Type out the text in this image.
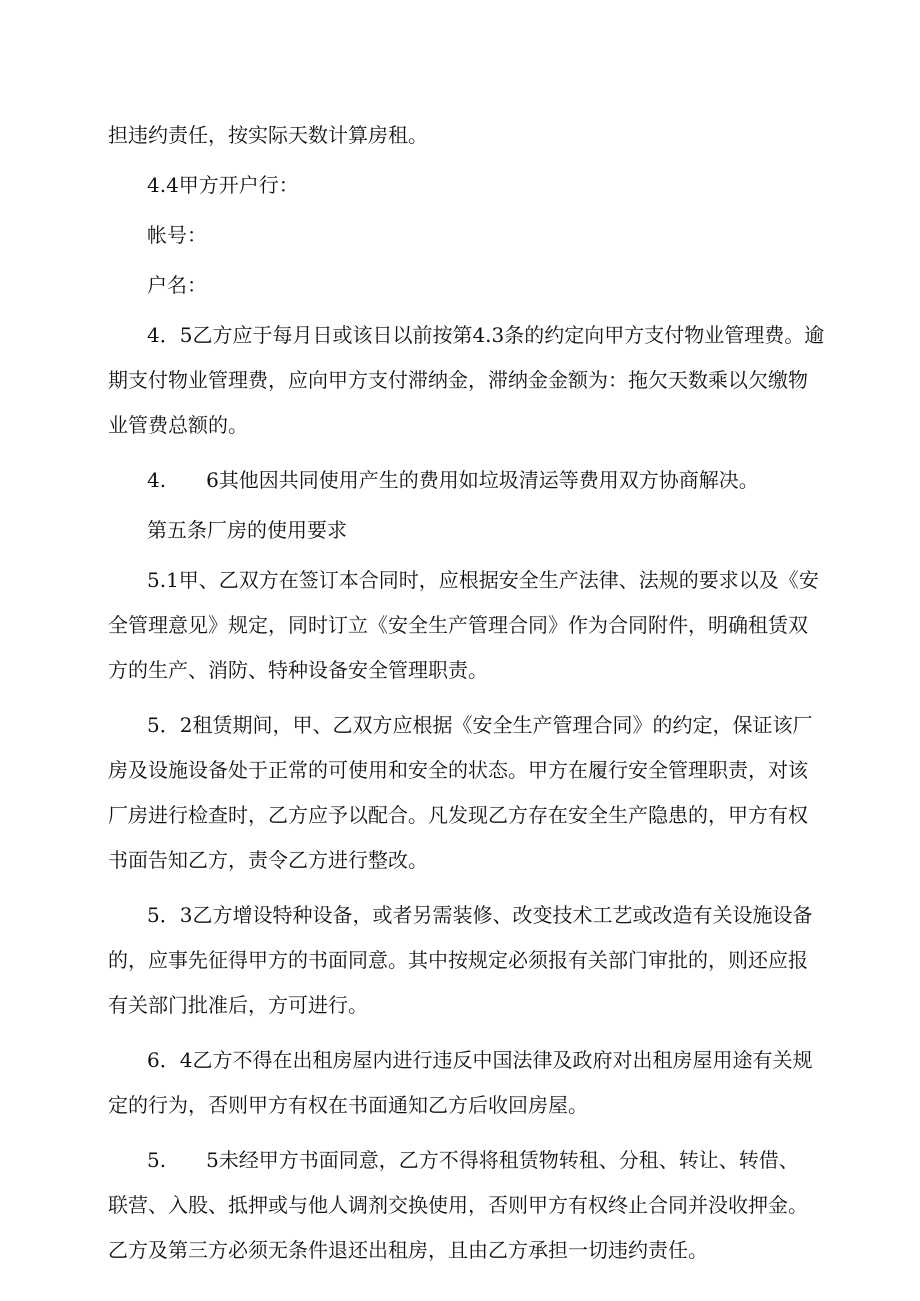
担违约责任，按实际天数计算房租。

4.4甲方开户行：

帐号：

户名：

4．5乙方应于每月日或该日以前按第4.3条的约定向甲方支付物业管理费。逾
期支付物业管理费，应向甲方支付滞纳金，滞纳金金额为：拖欠天数乘以欠缴物
业管费总额的。

4.　　6其他因共同使用产生的费用如垃圾清运等费用双方协商解决。

第五条厂房的使用要求

5.1甲、乙双方在签订本合同时，应根据安全生产法律、法规的要求以及《安
全管理意见》规定，同时订立《安全生产管理合同》作为合同附件，明确租赁双
方的生产、消防、特种设备安全管理职责。

5．2租赁期间，甲、乙双方应根据《安全生产管理合同》的约定，保证该厂
房及设施设备处于正常的可使用和安全的状态。甲方在履行安全管理职责，对该
厂房进行检查时，乙方应予以配合。凡发现乙方存在安全生产隐患的，甲方有权
书面告知乙方，责令乙方进行整改。

5．3乙方增设特种设备，或者另需装修、改变技术工艺或改造有关设施设备
的，应事先征得甲方的书面同意。其中按规定必须报有关部门审批的，则还应报
有关部门批准后，方可进行。

6．4乙方不得在出租房屋内进行违反中国法律及政府对出租房屋用途有关规
定的行为，否则甲方有权在书面通知乙方后收回房屋。

5.　　5未经甲方书面同意，乙方不得将租赁物转租、分租、转让、转借、
联营、入股、抵押或与他人调剂交换使用，否则甲方有权终止合同并没收押金。
乙方及第三方必须无条件退还出租房，且由乙方承担一切违约责任。
